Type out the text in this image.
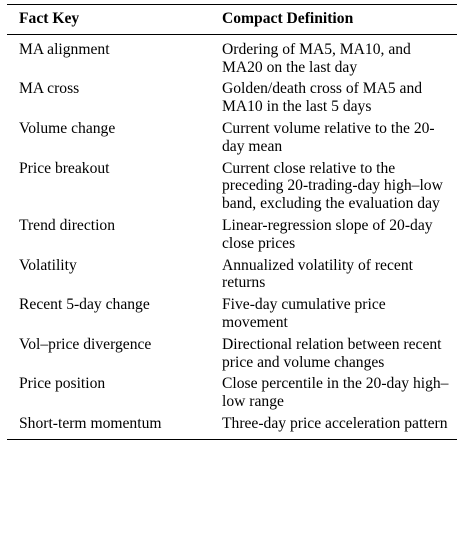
Fact Key	Compact Definition
MA alignment	Ordering of MA5, MA10, and MA20 on the last day
MA cross	Golden/death cross of MA5 and MA10 in the last 5 days
Volume change	Current volume relative to the 20-day mean
Price breakout	Current close relative to the preceding 20-trading-day high–low band, excluding the evaluation day
Trend direction	Linear-regression slope of 20-day close prices
Volatility	Annualized volatility of recent returns
Recent 5-day change	Five-day cumulative price movement
Vol–price divergence	Directional relation between recent price and volume changes
Price position	Close percentile in the 20-day high–low range
Short-term momentum	Three-day price acceleration pattern
